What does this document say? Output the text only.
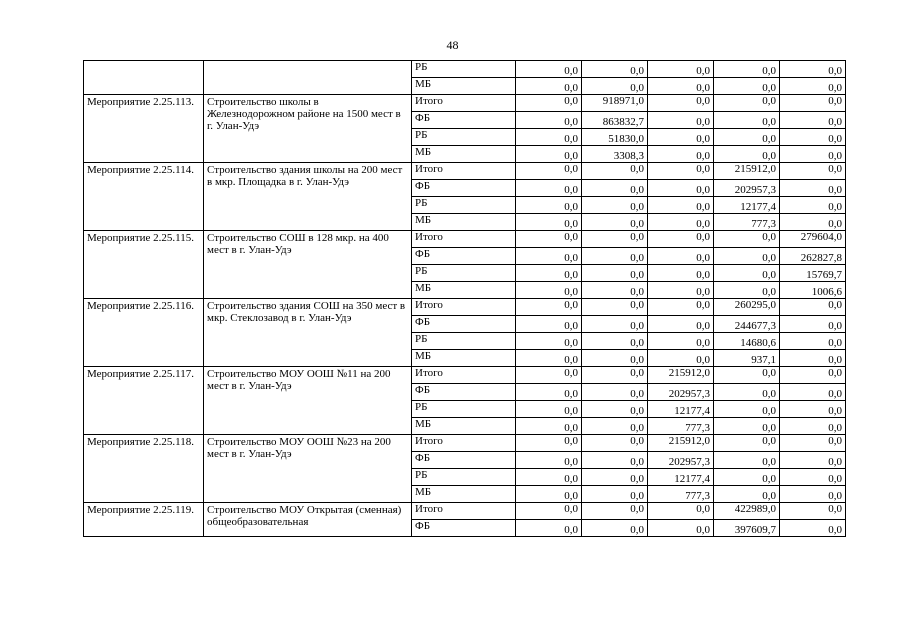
48
		РБ	0,0	0,0	0,0	0,0	0,0
		МБ	0,0	0,0	0,0	0,0	0,0
Мероприятие 2.25.113.	Строительство школы в Железнодорожном районе на 1500 мест в г. Улан-Удэ	Итого	0,0	918971,0	0,0	0,0	0,0
		ФБ	0,0	863832,7	0,0	0,0	0,0
		РБ	0,0	51830,0	0,0	0,0	0,0
		МБ	0,0	3308,3	0,0	0,0	0,0
Мероприятие 2.25.114.	Строительство здания школы на 200 мест в мкр. Площадка в г. Улан-Удэ	Итого	0,0	0,0	0,0	215912,0	0,0
		ФБ	0,0	0,0	0,0	202957,3	0,0
		РБ	0,0	0,0	0,0	12177,4	0,0
		МБ	0,0	0,0	0,0	777,3	0,0
Мероприятие 2.25.115.	Строительство СОШ в 128 мкр. на 400 мест в г. Улан-Удэ	Итого	0,0	0,0	0,0	0,0	279604,0
		ФБ	0,0	0,0	0,0	0,0	262827,8
		РБ	0,0	0,0	0,0	0,0	15769,7
		МБ	0,0	0,0	0,0	0,0	1006,6
Мероприятие 2.25.116.	Строительство здания СОШ на 350 мест в мкр. Стеклозавод в г. Улан-Удэ	Итого	0,0	0,0	0,0	260295,0	0,0
		ФБ	0,0	0,0	0,0	244677,3	0,0
		РБ	0,0	0,0	0,0	14680,6	0,0
		МБ	0,0	0,0	0,0	937,1	0,0
Мероприятие 2.25.117.	Строительство МОУ ООШ №11 на 200 мест в г. Улан-Удэ	Итого	0,0	0,0	215912,0	0,0	0,0
		ФБ	0,0	0,0	202957,3	0,0	0,0
		РБ	0,0	0,0	12177,4	0,0	0,0
		МБ	0,0	0,0	777,3	0,0	0,0
Мероприятие 2.25.118.	Строительство МОУ ООШ №23 на 200 мест в г. Улан-Удэ	Итого	0,0	0,0	215912,0	0,0	0,0
		ФБ	0,0	0,0	202957,3	0,0	0,0
		РБ	0,0	0,0	12177,4	0,0	0,0
		МБ	0,0	0,0	777,3	0,0	0,0
Мероприятие 2.25.119.	Строительство МОУ Открытая (сменная) общеобразовательная	Итого	0,0	0,0	0,0	422989,0	0,0
		ФБ	0,0	0,0	0,0	397609,7	0,0
